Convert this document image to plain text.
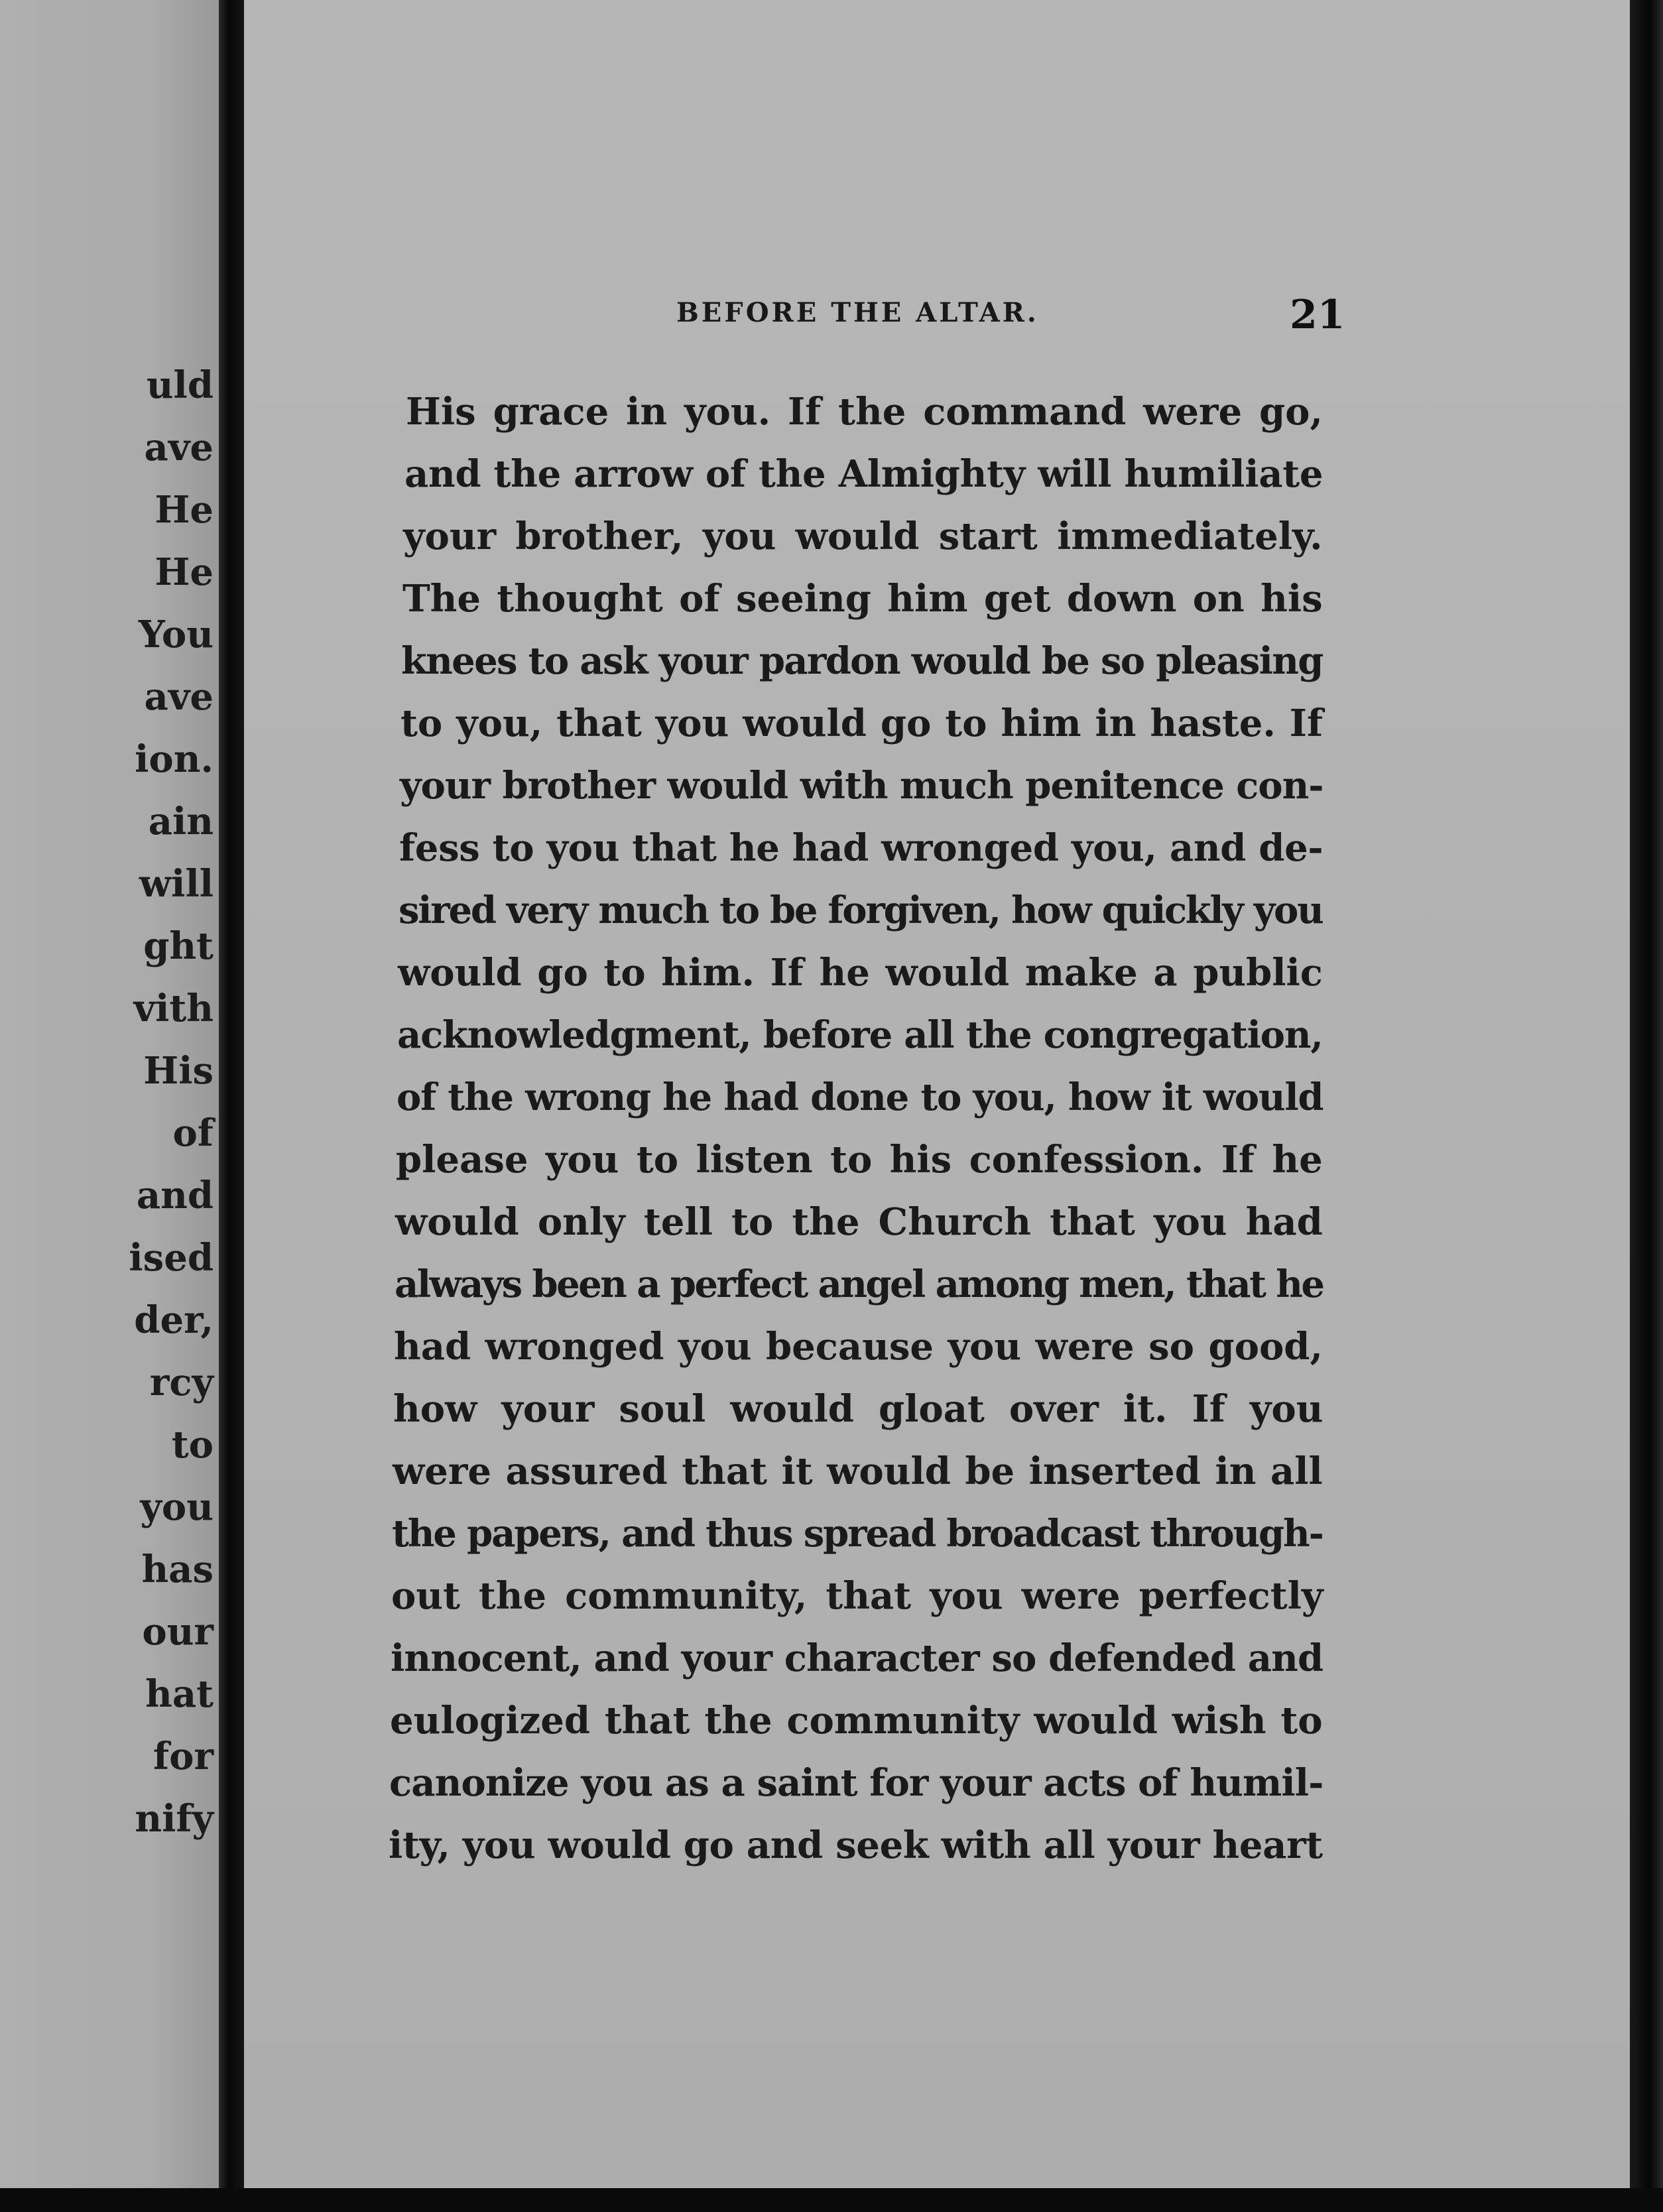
uld
ave
He
He
You
ave
ion.
ain
will
ght
vith
His
of
and
ised
der,
rcy
to
you
has
our
hat
for
nify
BEFORE THE ALTAR.	21
His grace in you. If the command were go,
and the arrow of the Almighty will humiliate
your brother, you would start immediately.
The thought of seeing him get down on his
knees to ask your pardon would be so pleasing
to you, that you would go to him in haste. If
your brother would with much penitence con-
fess to you that he had wronged you, and de-
sired very much to be forgiven, how quickly you
would go to him. If he would make a public
acknowledgment, before all the congregation,
of the wrong he had done to you, how it would
please you to listen to his confession. If he
would only tell to the Church that you had
always been a perfect angel among men, that he
had wronged you because you were so good,
how your soul would gloat over it. If you
were assured that it would be inserted in all
the papers, and thus spread broadcast through-
out the community, that you were perfectly
innocent, and your character so defended and
eulogized that the community would wish to
canonize you as a saint for your acts of humil-
ity, you would go and seek with all your heart
